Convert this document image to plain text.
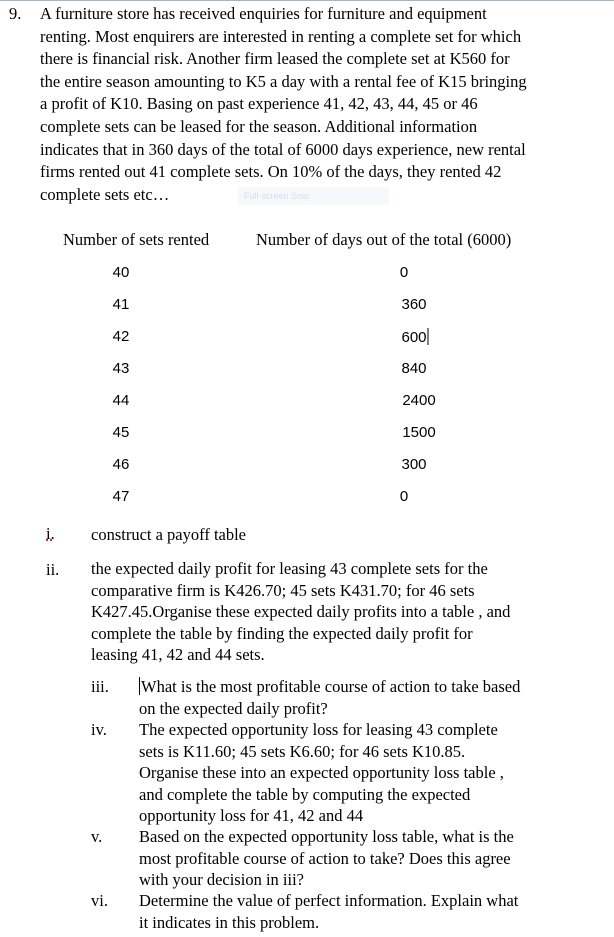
9. A furniture store has received enquiries for furniture and equipment
renting. Most enquirers are interested in renting a complete set for which
there is financial risk. Another firm leased the complete set at K560 for
the entire season amounting to K5 a day with a rental fee of K15 bringing
a profit of K10. Basing on past experience 41, 42, 43, 44, 45 or 46
complete sets can be leased for the season. Additional information
indicates that in 360 days of the total of 6000 days experience, new rental
firms rented out 41 complete sets. On 10% of the days, they rented 42
complete sets etc…	Full-screen Snip
Number of sets rented	Number of days out of the total (6000)
40	0
41	360
42	600
43	840
44	2400
45	1500
46	300
47	0
i. construct a payoff table
ii. the expected daily profit for leasing 43 complete sets for the
comparative firm is K426.70; 45 sets K431.70; for 46 sets
K427.45.Organise these expected daily profits into a table , and
complete the table by finding the expected daily profit for
leasing 41, 42 and 44 sets.
iii. What is the most profitable course of action to take based
on the expected daily profit?
iv. The expected opportunity loss for leasing 43 complete
sets is K11.60; 45 sets K6.60; for 46 sets K10.85.
Organise these into an expected opportunity loss table ,
and complete the table by computing the expected
opportunity loss for 41, 42 and 44
v. Based on the expected opportunity loss table, what is the
most profitable course of action to take? Does this agree
with your decision in iii?
vi. Determine the value of perfect information. Explain what
it indicates in this problem.
